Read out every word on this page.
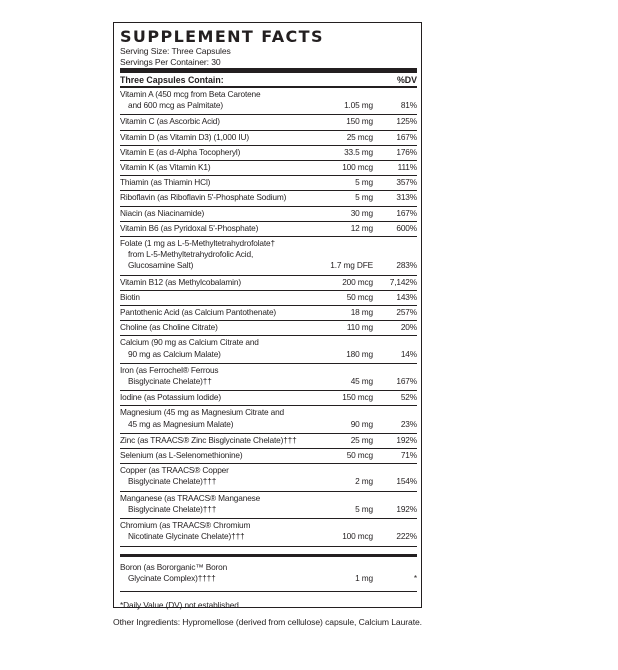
SUPPLEMENT FACTS
Serving Size: Three Capsules
Servings Per Container: 30
Three Capsules Contain:	%DV
Vitamin A (450 mcg from Beta Carotene
and 600 mcg as Palmitate)	1.05 mg	81%
Vitamin C (as Ascorbic Acid)	150 mg	125%
Vitamin D (as Vitamin D3) (1,000 IU)	25 mcg	167%
Vitamin E (as d-Alpha Tocopheryl)	33.5 mg	176%
Vitamin K (as Vitamin K1)	100 mcg	111%
Thiamin (as Thiamin HCl)	5 mg	357%
Riboflavin (as Riboflavin 5'-Phosphate Sodium)	5 mg	313%
Niacin (as Niacinamide)	30 mg	167%
Vitamin B6 (as Pyridoxal 5'-Phosphate)	12 mg	600%
Folate (1 mg as L-5-Methyltetrahydrofolate†
from L-5-Methyltetrahydrofolic Acid,
Glucosamine Salt)	1.7 mg DFE	283%
Vitamin B12 (as Methylcobalamin)	200 mcg	7,142%
Biotin	50 mcg	143%
Pantothenic Acid (as Calcium Pantothenate)	18 mg	257%
Choline (as Choline Citrate)	110 mg	20%
Calcium (90 mg as Calcium Citrate and
90 mg as Calcium Malate)	180 mg	14%
Iron (as Ferrochel® Ferrous
Bisglycinate Chelate)††	45 mg	167%
Iodine (as Potassium Iodide)	150 mcg	52%
Magnesium (45 mg as Magnesium Citrate and
45 mg as Magnesium Malate)	90 mg	23%
Zinc (as TRAACS® Zinc Bisglycinate Chelate)†††	25 mg	192%
Selenium (as L-Selenomethionine)	50 mcg	71%
Copper (as TRAACS® Copper
Bisglycinate Chelate)†††	2 mg	154%
Manganese (as TRAACS® Manganese
Bisglycinate Chelate)†††	5 mg	192%
Chromium (as TRAACS® Chromium
Nicotinate Glycinate Chelate)†††	100 mcg	222%
Boron (as Bororganic™ Boron
Glycinate Complex)††††	1 mg	*
*Daily Value (DV) not established.
Other Ingredients: Hypromellose (derived from cellulose) capsule, Calcium Laurate.
